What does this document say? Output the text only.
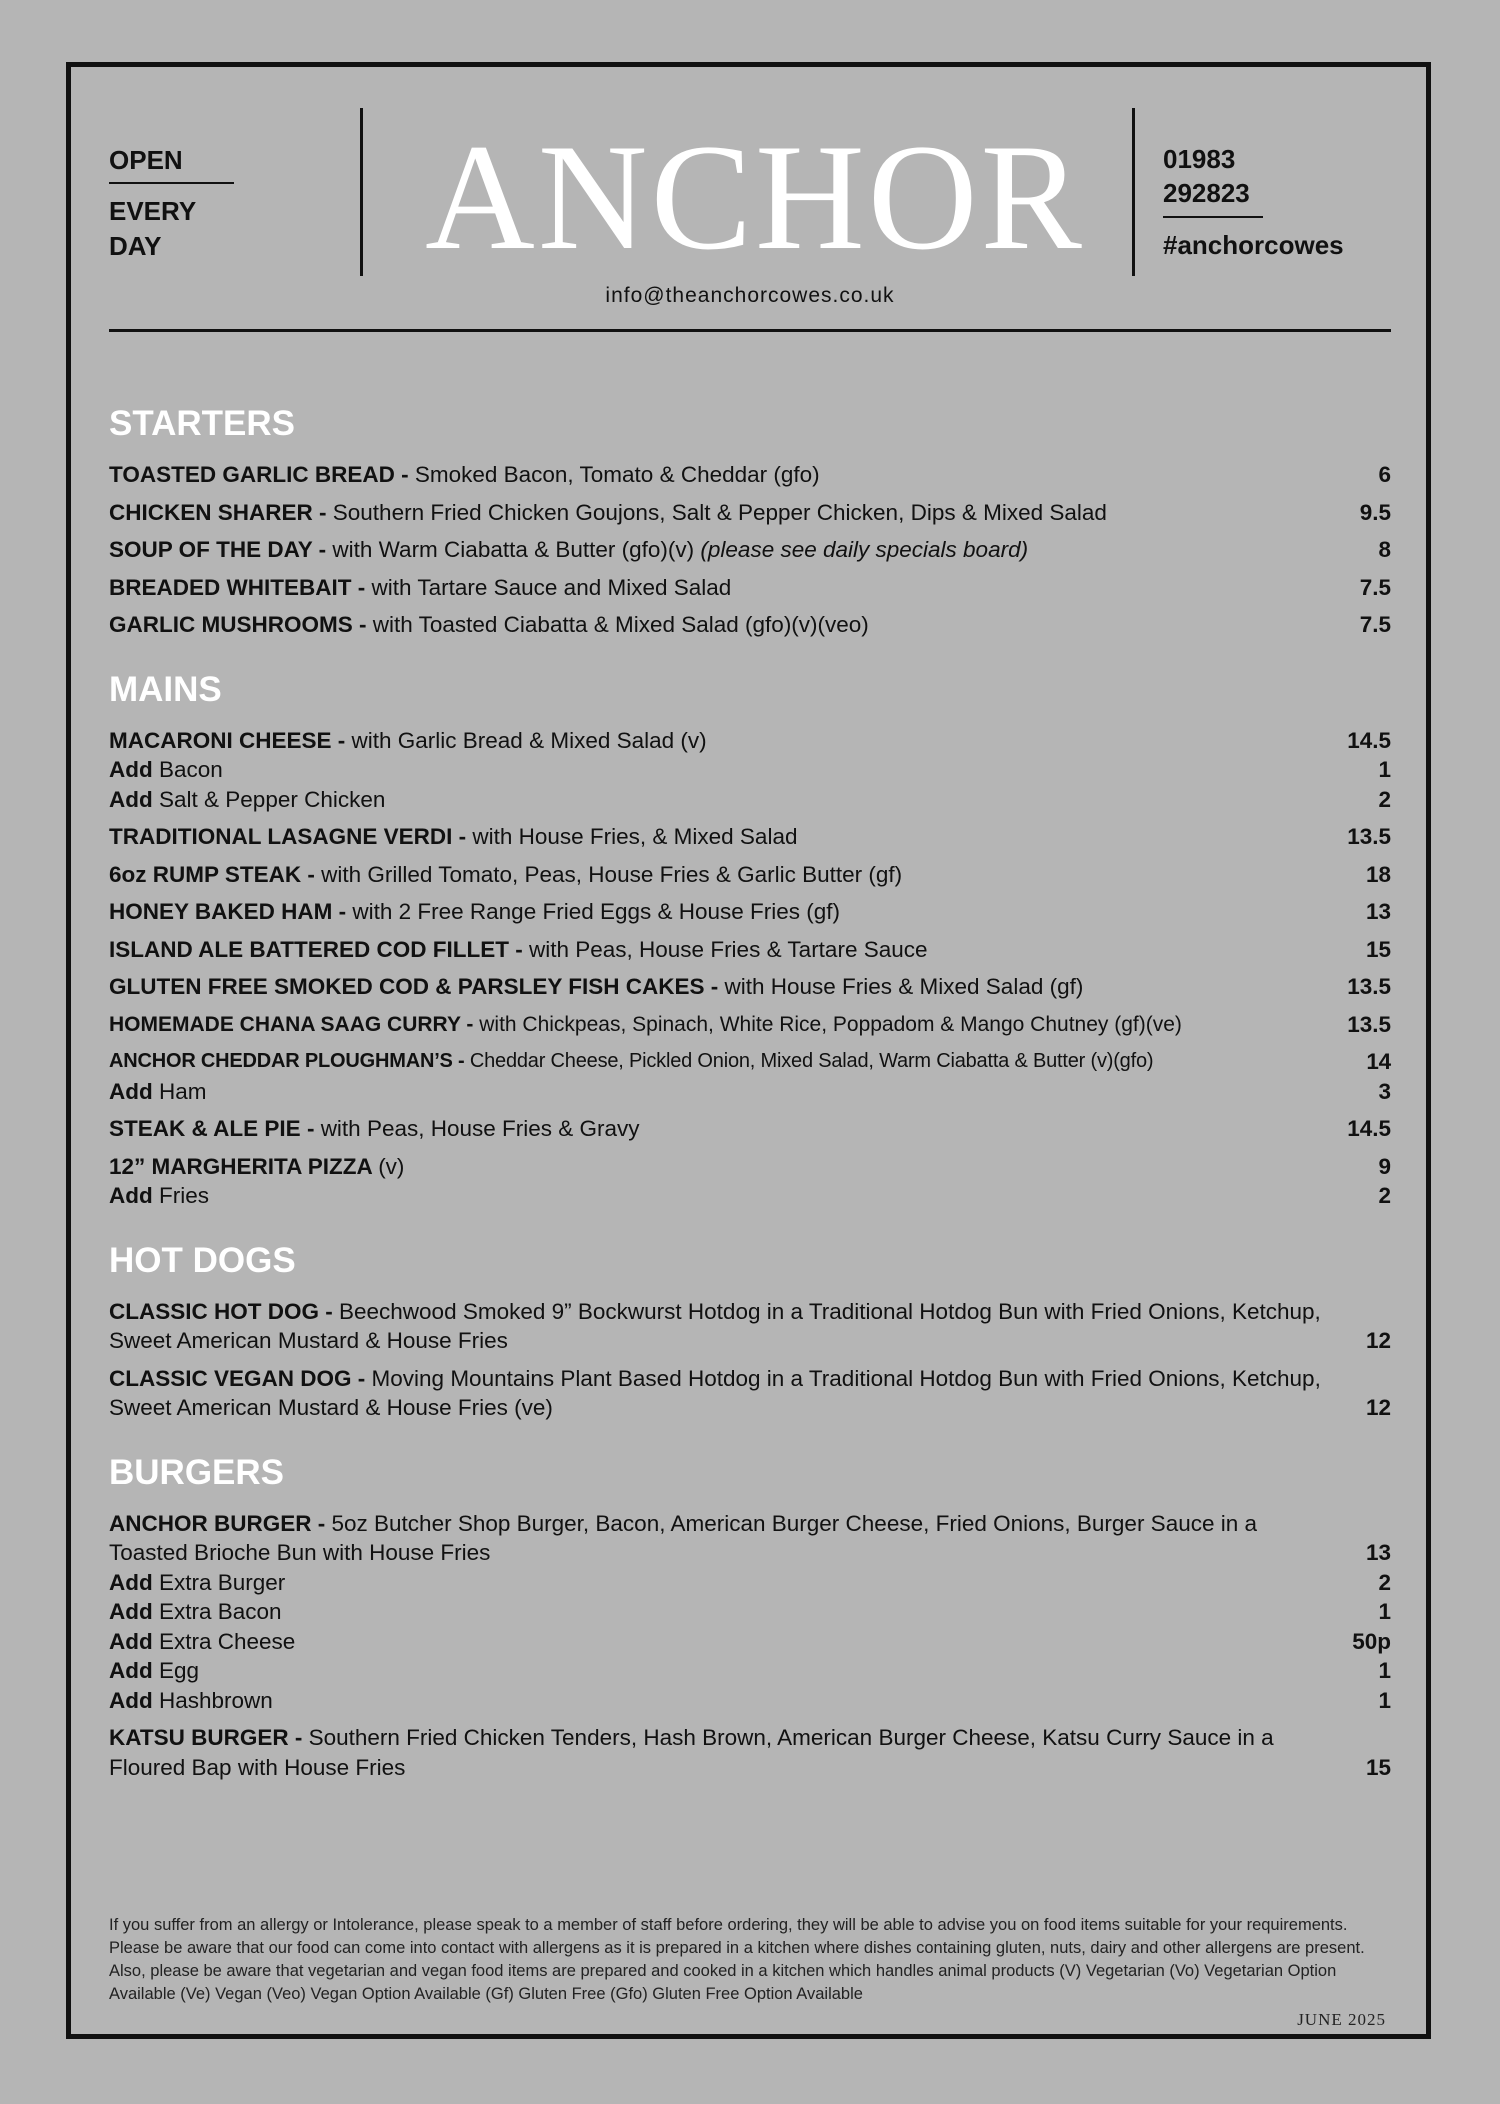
OPEN
EVERY
DAY	ANCHOR
info@theanchorcowes.co.uk
01983
292823
#anchorcowes
STARTERS
TOASTED GARLIC BREAD - Smoked Bacon, Tomato & Cheddar (gfo)	6
CHICKEN SHARER - Southern Fried Chicken Goujons, Salt & Pepper Chicken, Dips & Mixed Salad	9.5
SOUP OF THE DAY - with Warm Ciabatta & Butter (gfo)(v) (please see daily specials board)	8
BREADED WHITEBAIT - with Tartare Sauce and Mixed Salad	7.5
GARLIC MUSHROOMS - with Toasted Ciabatta & Mixed Salad (gfo)(v)(veo)	7.5
MAINS
MACARONI CHEESE - with Garlic Bread & Mixed Salad (v)	14.5
Add Bacon	1
Add Salt & Pepper Chicken	2
TRADITIONAL LASAGNE VERDI - with House Fries, & Mixed Salad	13.5
6oz RUMP STEAK - with Grilled Tomato, Peas, House Fries & Garlic Butter (gf)	18
HONEY BAKED HAM - with 2 Free Range Fried Eggs & House Fries (gf)	13
ISLAND ALE BATTERED COD FILLET - with Peas, House Fries & Tartare Sauce	15
GLUTEN FREE SMOKED COD & PARSLEY FISH CAKES - with House Fries & Mixed Salad (gf)	13.5
HOMEMADE CHANA SAAG CURRY - with Chickpeas, Spinach, White Rice, Poppadom & Mango Chutney (gf)(ve)	13.5
ANCHOR CHEDDAR PLOUGHMAN’S - Cheddar Cheese, Pickled Onion, Mixed Salad, Warm Ciabatta & Butter (v)(gfo)	14
Add Ham	3
STEAK & ALE PIE - with Peas, House Fries & Gravy	14.5
12” MARGHERITA PIZZA (v)	9
Add Fries	2
HOT DOGS
CLASSIC HOT DOG - Beechwood Smoked 9” Bockwurst Hotdog in a Traditional Hotdog Bun with Fried Onions, Ketchup, Sweet American Mustard & House Fries	12
CLASSIC VEGAN DOG - Moving Mountains Plant Based Hotdog in a Traditional Hotdog Bun with Fried Onions, Ketchup, Sweet American Mustard & House Fries (ve)	12
BURGERS
ANCHOR BURGER - 5oz Butcher Shop Burger, Bacon, American Burger Cheese, Fried Onions, Burger Sauce in a Toasted Brioche Bun with House Fries	13
Add Extra Burger	2
Add Extra Bacon	1
Add Extra Cheese	50p
Add Egg	1
Add Hashbrown	1
KATSU BURGER - Southern Fried Chicken Tenders, Hash Brown, American Burger Cheese, Katsu Curry Sauce in a Floured Bap with House Fries	15
If you suffer from an allergy or Intolerance, please speak to a member of staff before ordering, they will be able to advise you on food items suitable for your requirements. Please be aware that our food can come into contact with allergens as it is prepared in a kitchen where dishes containing gluten, nuts, dairy and other allergens are present. Also, please be aware that vegetarian and vegan food items are prepared and cooked in a kitchen which handles animal products (V) Vegetarian (Vo) Vegetarian Option Available (Ve) Vegan (Veo) Vegan Option Available (Gf) Gluten Free (Gfo) Gluten Free Option Available
JUNE 2025
